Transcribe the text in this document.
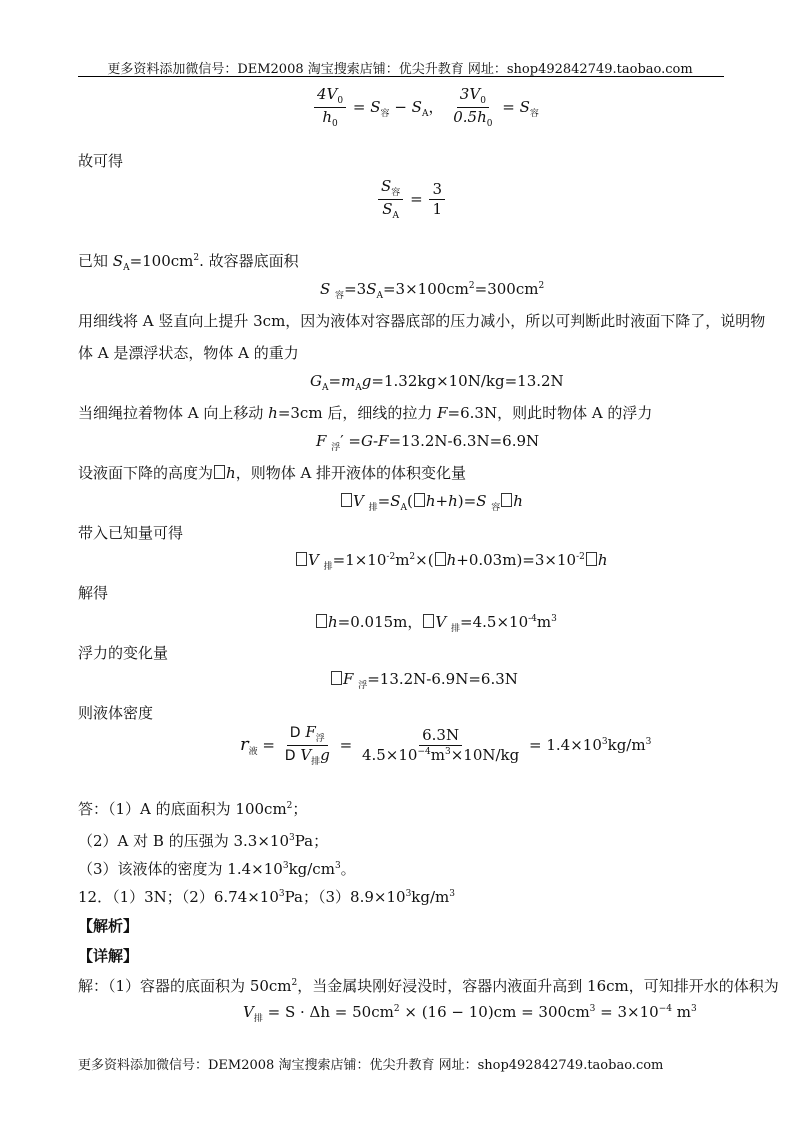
更多资料添加微信号：DEM2008 淘宝搜索店铺：优尖升教育 网址：shop492842749.taobao.com
$\frac{4V_0}{h_0} = S_容 - S_A$， $\frac{3V_0}{0.5h_0} = S_容$
故可得
$\frac{S_容}{S_A} = \frac{3}{1}$
已知 $S_A=100cm^2$. 故容器底面积
S $_容=3S_A=3\times 100cm^2=300cm^2$
用细线将 A 竖直向上提升 3cm，因为液体对容器底部的压力减小，所以可判断此时液面下降了，说明物
体 A 是漂浮状态，物体 A 的重力
$G_A=m_Ag=1.32kg\times 10N/kg=13.2N$
当细绳拉着物体 A 向上移动 h=3cm 后，细线的拉力 F=6.3N，则此时物体 A 的浮力
F $_浮$′ =G-F=13.2N-6.3N=6.9N
设液面下降的高度为 h，则物体 A 排开液体的体积变化量
V $_排=S_A$( h+h)=S $_容$ h
带入已知量可得
V $_排=1\times 10^{-2}m^2\times$( $h+0.03m)=3\times 10^{-2}$ h
解得
h=0.015m， V $_排=4.5\times 10^{-4}m^3$
浮力的变化量
F $_浮$=13.2N-6.9N=6.3N
则液体密度
$r_液 = \frac{D F_浮}{D V_排g} = \frac{6.3N}{4.5\times 10^{-4}m^3\times 10N/kg} = 1.4\times 10^3kg/m^3$
答：（1）A 的底面积为 $100cm^2$；
（2）A 对 B 的压强为 $3.3\times 10^3Pa$；
（3）该液体的密度为 $1.4\times 10^3kg/cm^3$。
12．（1）3N；$(2)6.74\times 10^3Pa$；$(3)8.9\times 10^3kg/m^3$
【解析】
【详解】
解：（1）容器的底面积为 $50cm^2$，当金属块刚好浸没时，容器内液面升高到 16cm，可知排开水的体积为
$V_排 = S \cdot \Delta h = 50cm^2 \times (16 - 10)cm = 300cm^3 = 3\times 10^{-4}$ $m^3$
更多资料添加微信号：DEM2008 淘宝搜索店铺：优尖升教育 网址：shop492842749.taobao.com
